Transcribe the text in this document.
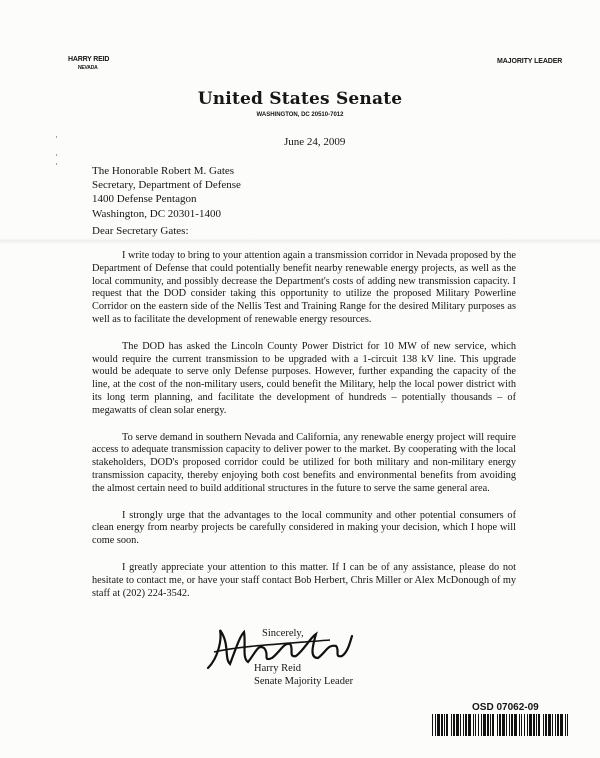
HARRY REID
NEVADA
MAJORITY LEADER
United States Senate
WASHINGTON, DC 20510-7012
·

·
·
June 24, 2009
The Honorable Robert M. Gates
Secretary, Department of Defense
1400 Defense Pentagon
Washington, DC 20301-1400
Dear Secretary Gates:

I write today to bring to your attention again a transmission corridor in Nevada proposed by the Department of Defense that could potentially benefit nearby renewable energy projects, as well as the local community, and possibly decrease the Department's costs of adding new transmission capacity. I request that the DOD consider taking this opportunity to utilize the proposed Military Powerline Corridor on the eastern side of the Nellis Test and Training Range for the desired Military purposes as well as to facilitate the development of renewable energy resources.

The DOD has asked the Lincoln County Power District for 10 MW of new service, which would require the current transmission to be upgraded with a 1-circuit 138 kV line. This upgrade would be adequate to serve only Defense purposes. However, further expanding the capacity of the line, at the cost of the non-military users, could benefit the Military, help the local power district with its long term planning, and facilitate the development of hundreds – potentially thousands – of megawatts of clean solar energy.

To serve demand in southern Nevada and California, any renewable energy project will require access to adequate transmission capacity to deliver power to the market. By cooperating with the local stakeholders, DOD's proposed corridor could be utilized for both military and non-military energy transmission capacity, thereby enjoying both cost benefits and environmental benefits from avoiding the almost certain need to build additional structures in the future to serve the same general area.

I strongly urge that the advantages to the local community and other potential consumers of clean energy from nearby projects be carefully considered in making your decision, which I hope will come soon.

I greatly appreciate your attention to this matter. If I can be of any assistance, please do not hesitate to contact me, or have your staff contact Bob Herbert, Chris Miller or Alex McDonough of my staff at (202) 224-3542.

Sincerely,
Harry Reid
Senate Majority Leader
OSD 07062-09
